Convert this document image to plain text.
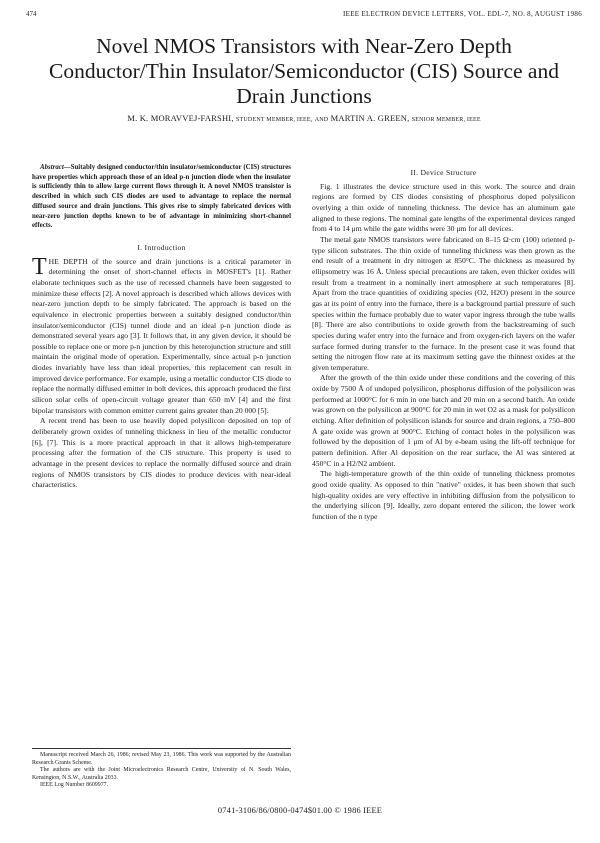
474	IEEE ELECTRON DEVICE LETTERS, VOL. EDL-7, NO. 8, AUGUST 1986
Novel NMOS Transistors with Near-Zero Depth Conductor/Thin Insulator/Semiconductor (CIS) Source and Drain Junctions
M. K. MORAVVEJ-FARSHI, STUDENT MEMBER, IEEE, AND MARTIN A. GREEN, SENIOR MEMBER, IEEE

Abstract—Suitably designed conductor/thin insulator/semiconductor (CIS) structures have properties which approach those of an ideal p-n junction diode when the insulator is sufficiently thin to allow large current flows through it. A novel NMOS transistor is described in which such CIS diodes are used to advantage to replace the normal diffused source and drain junctions. This gives rise to simply fabricated devices with near-zero junction depths known to be of advantage in minimizing short-channel effects.

I. Introduction

THE DEPTH of the source and drain junctions is a critical parameter in determining the onset of short-channel effects in MOSFET's [1]. Rather elaborate techniques such as the use of recessed channels have been suggested to minimize these effects [2]. A novel approach is described which allows devices with near-zero junction depth to be simply fabricated. The approach is based on the equivalence in electronic properties between a suitably designed conductor/thin insulator/semiconductor (CIS) tunnel diode and an ideal p-n junction diode as demonstrated several years ago [3]. It follows that, in any given device, it should be possible to replace one or more p-n junction by this heterojunction structure and still maintain the original mode of operation. Experimentally, since actual p-n junction diodes invariably have less than ideal properties, this replacement can result in improved device performance. For example, using a metallic conductor CIS diode to replace the normally diffused emitter in bolt devices, this approach produced the first silicon solar cells of open-circuit voltage greater than 650 mV [4] and the first bipolar transistors with common emitter current gains greater than 20 000 [5].

A recent trend has been to use heavily doped polysilicon deposited on top of deliberately grown oxides of tunneling thickness in lieu of the metallic conductor [6], [7]. This is a more practical approach in that it allows high-temperature processing after the formation of the CIS structure. This property is used to advantage in the present devices to replace the normally diffused source and drain regions of NMOS transistors by CIS diodes to produce devices with near-ideal characteristics.

Manuscript received March 26, 1986; revised May 23, 1986. This work was supported by the Australian Research Grants Scheme.

The authors are with the Joint Microelectronics Research Centre, University of N. South Wales, Kensington, N.S.W., Australia 2033.

IEEE Log Number 8609977.

II. Device Structure

Fig. 1 illustrates the device structure used in this work. The source and drain regions are formed by CIS diodes consisting of phosphorus doped polysilicon overlying a thin oxide of tunneling thickness. The device has an aluminum gate aligned to these regions. The nominal gate lengths of the experimental devices ranged from 4 to 14 μm while the gate widths were 30 μm for all devices.

The metal gate NMOS transistors were fabricated on 8–15 Ω·cm (100) oriented p-type silicon substrates. The thin oxide of tunneling thickness was then grown as the end result of a treatment in dry nitrogen at 850°C. The thickness as measured by ellipsometry was 16 Å. Unless special precautions are taken, even thicker oxides will result from a treatment in a nominally inert atmosphere at such temperatures [8]. Apart from the trace quantities of oxidizing species (O2, H2O) present in the source gas at its point of entry into the furnace, there is a background partial pressure of such species within the furnace probably due to water vapor ingress through the tube walls [8]. There are also contributions to oxide growth from the backstreaming of such species during wafer entry into the furnace and from oxygen-rich layers on the wafer surface formed during transfer to the furnace. In the present case it was found that setting the nitrogen flow rate at its maximum setting gave the thinnest oxides at the given temperature.

After the growth of the thin oxide under these conditions and the covering of this oxide by 7500 Å of undoped polysilicon, phosphorus diffusion of the polysilicon was performed at 1000°C for 6 min in one batch and 20 min on a second batch. An oxide was grown on the polysilicon at 900°C for 20 min in wet O2 as a mask for polysilicon etching. After definition of polysilicon islands for source and drain regions, a 750–800 Å gate oxide was grown at 900°C. Etching of contact holes in the polysilicon was followed by the deposition of 1 μm of Al by e-beam using the lift-off technique for pattern definition. After Al deposition on the rear surface, the Al was sintered at 450°C in a H2/N2 ambient.

The high-temperature growth of the thin oxide of tunneling thickness promotes good oxide quality. As opposed to thin "native" oxides, it has been shown that such high-quality oxides are very effective in inhibiting diffusion from the polysilicon to the underlying silicon [9]. Ideally, zero dopant entered the silicon, the lower work function of the n type

0741-3106/86/0800-0474$01.00 © 1986 IEEE
